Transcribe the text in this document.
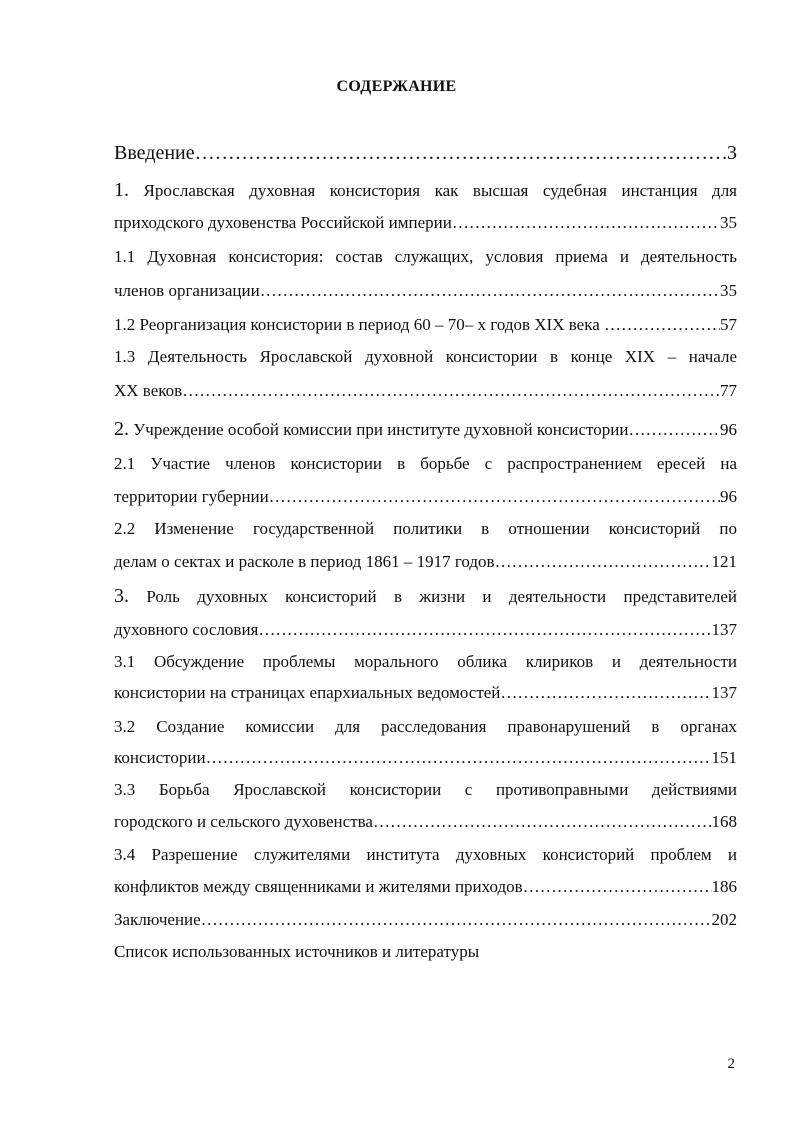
СОДЕРЖАНИЕ
Введение ………………………………………………………………………………………………………………………………………………………………	3
1. Ярославская духовная консистория как высшая судебная инстанция для
приходского духовенства Российской империи ………………………………………………………………………………………………………………………………………………………………	35
1.1 Духовная консистория: состав служащих, условия приема и деятельность
членов организации ………………………………………………………………………………………………………………………………………………………………	35
1.2 Реорганизация консистории в период 60 – 70– х годов XIX века ………………………………………………………………………………………………………………………………………………………………	57
1.3 Деятельность Ярославской духовной консистории в конце XIX – начале
XX веков ………………………………………………………………………………………………………………………………………………………………	77
2. Учреждение особой комиссии при институте духовной консистории ………………………………………………………………………………………………………………………………………………………………	96
2.1 Участие членов консистории в борьбе с распространением ересей на
территории губернии ………………………………………………………………………………………………………………………………………………………………	96
2.2 Изменение государственной политики в отношении консисторий по
делам о сектах и расколе в период 1861 – 1917 годов ………………………………………………………………………………………………………………………………………………………………	121
3. Роль духовных консисторий в жизни и деятельности представителей
духовного сословия ………………………………………………………………………………………………………………………………………………………………	137
3.1 Обсуждение проблемы морального облика клириков и деятельности
консистории на страницах епархиальных ведомостей ………………………………………………………………………………………………………………………………………………………………	137
3.2 Создание комиссии для расследования правонарушений в органах
консистории ………………………………………………………………………………………………………………………………………………………………	151
3.3 Борьба Ярославской консистории с противоправными действиями
городского и сельского духовенства ………………………………………………………………………………………………………………………………………………………………	168
3.4 Разрешение служителями института духовных консисторий проблем и
конфликтов между священниками и жителями приходов ………………………………………………………………………………………………………………………………………………………………	186
Заключение ………………………………………………………………………………………………………………………………………………………………	202
Список использованных источников и литературы
2
